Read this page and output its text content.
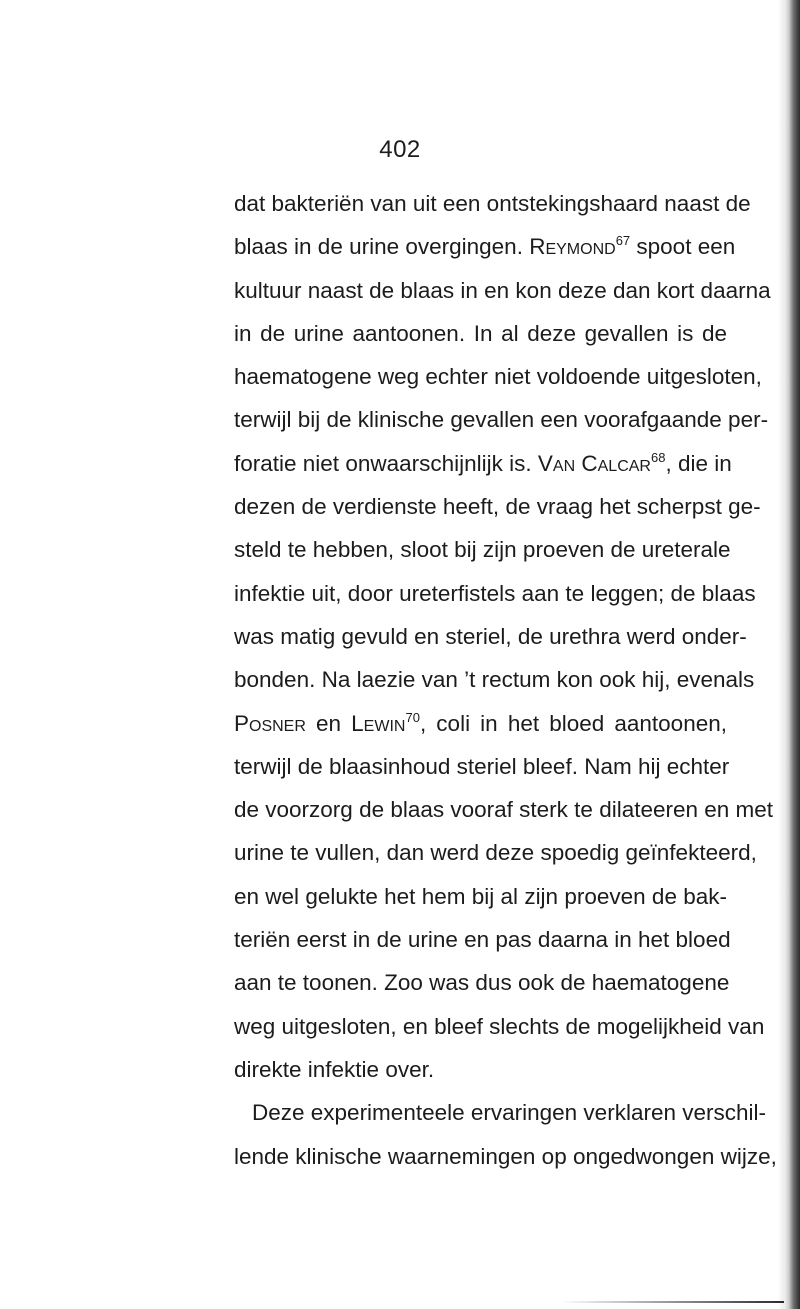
402
dat bakteriën van uit een ontstekingshaard naast de
blaas in de urine overgingen. Reymond$^{67}$ spoot een
kultuur naast de blaas in en kon deze dan kort daarna
in de urine aantoonen. In al deze gevallen is de
haematogene weg echter niet voldoende uitgesloten,
terwijl bij de klinische gevallen een voorafgaande per-
foratie niet onwaarschijnlijk is. Van Calcar$^{68}$, die in
dezen de verdienste heeft, de vraag het scherpst ge-
steld te hebben, sloot bij zijn proeven de ureterale
infektie uit, door ureterfistels aan te leggen; de blaas
was matig gevuld en steriel, de urethra werd onder-
bonden. Na laezie van ’t rectum kon ook hij, evenals
Posner en Lewin$^{70}$, coli in het bloed aantoonen,
terwijl de blaasinhoud steriel bleef. Nam hij echter
de voorzorg de blaas vooraf sterk te dilateeren en met
urine te vullen, dan werd deze spoedig geïnfekteerd,
en wel gelukte het hem bij al zijn proeven de bak-
teriën eerst in de urine en pas daarna in het bloed
aan te toonen. Zoo was dus ook de haematogene
weg uitgesloten, en bleef slechts de mogelijkheid van
direkte infektie over.
Deze experimenteele ervaringen verklaren verschil-
lende klinische waarnemingen op ongedwongen wijze,
